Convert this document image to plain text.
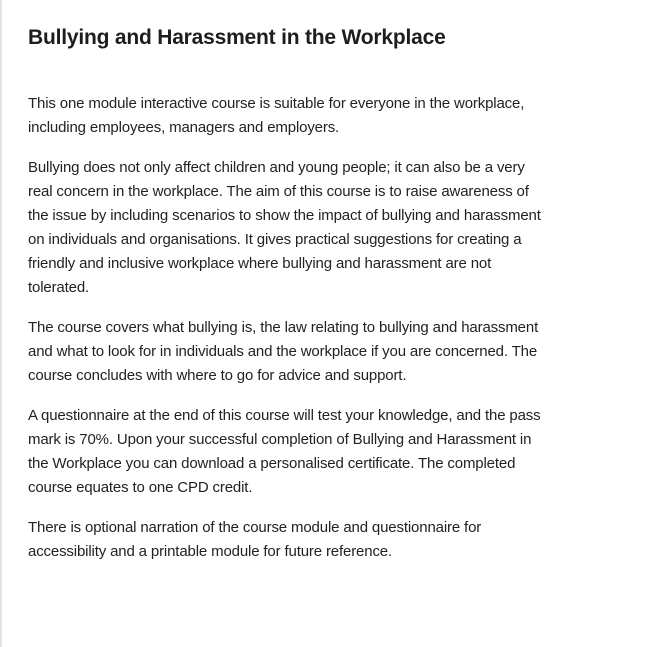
Bullying and Harassment in the Workplace

This one module interactive course is suitable for everyone in the workplace, including employees, managers and employers.

Bullying does not only affect children and young people; it can also be a very real concern in the workplace. The aim of this course is to raise awareness of the issue by including scenarios to show the impact of bullying and harassment on individuals and organisations. It gives practical suggestions for creating a friendly and inclusive workplace where bullying and harassment are not tolerated.

The course covers what bullying is, the law relating to bullying and harassment and what to look for in individuals and the workplace if you are concerned. The course concludes with where to go for advice and support.

A questionnaire at the end of this course will test your knowledge, and the pass mark is 70%. Upon your successful completion of Bullying and Harassment in the Workplace you can download a personalised certificate. The completed course equates to one CPD credit.

There is optional narration of the course module and questionnaire for accessibility and a printable module for future reference.
